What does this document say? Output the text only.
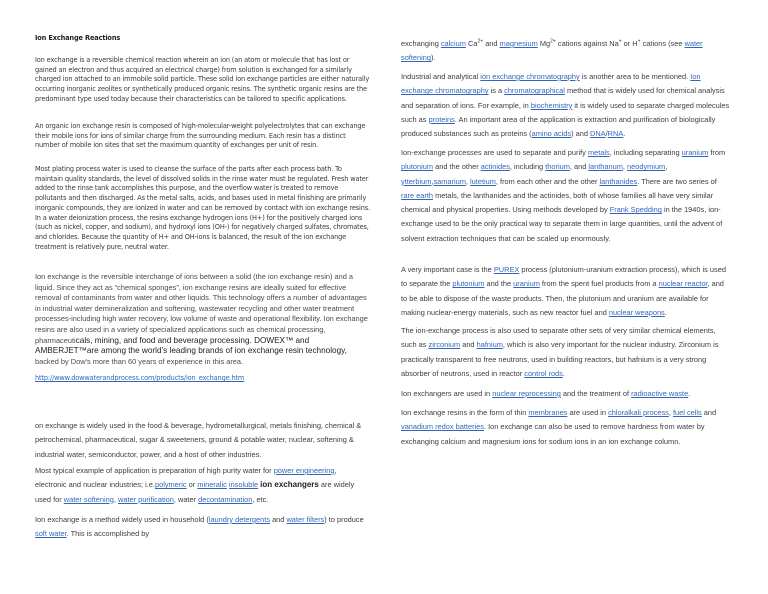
Ion Exchange Reactions

Ion exchange is a reversible chemical reaction wherein an ion (an atom or molecule that has lost or gained an electron and thus acquired an electrical charge) from solution is exchanged for a similarly charged ion attached to an immobile solid particle. These solid ion exchange particles are either naturally occurring inorganic zeolites or synthetically produced organic resins. The synthetic organic resins are the predominant type used today because their characteristics can be tailored to specific applications.

An organic ion exchange resin is composed of high-molecular-weight polyelectrolytes that can exchange their mobile ions for ions of similar charge from the surrounding medium. Each resin has a distinct number of mobile ion sites that set the maximum quantity of exchanges per unit of resin.

Most plating process water is used to cleanse the surface of the parts after each process bath. To maintain quality standards, the level of dissolved solids in the rinse water must be regulated. Fresh water added to the rinse tank accomplishes this purpose, and the overflow water is treated to remove pollutants and then discharged. As the metal salts, acids, and bases used in metal finishing are primarily inorganic compounds, they are ionized in water and can be removed by contact with ion exchange resins. In a water deionization process, the resins exchange hydrogen ions (H+) for the positively charged ions (such as nickel, copper, and sodium), and hydroxyl ions (OH-) for negatively charged sulfates, chromates, and chlorides. Because the quantity of H+ and OH-ions is balanced, the result of the ion exchange treatment is relatively pure, neutral water.

Ion exchange is the reversible interchange of ions between a solid (the ion exchange resin) and a liquid. Since they act as “chemical sponges”, ion exchange resins are ideally suited for effective removal of contaminants from water and other liquids. This technology offers a number of advantages in industrial water demineralization and softening, wastewater recycling and other water treatment processes-including high water recovery, low volume of waste and operational flexibility. Ion exchange resins are also used in a variety of specialized applications such as chemical processing, pharmaceuticals, mining, and food and beverage processing. DOWEX™ and AMBERJET™are among the world’s leading brands of ion exchange resin technology, backed by Dow's more than 60 years of experience in this area.

http://www.dowwaterandprocess.com/products/ion_exchange.htm

on exchange is widely used in the food & beverage, hydrometallurgical, metals finishing, chemical & petrochemical, pharmaceutical, sugar & sweeteners, ground & potable water, nuclear, softening & industrial water, semiconductor, power, and a host of other industries.

Most typical example of application is preparation of high purity water for power engineering, electronic and nuclear industries; i.e.polymeric or mineralic insoluble ion exchangers are widely used for water softening, water purification, water decontamination, etc.

Ion exchange is a method widely used in household (laundry detergents and water filters) to produce soft water. This is accomplished by

exchanging calcium $Ca^{2+}$ and magnesium $Mg^{2+}$ cations against Na+ or H+ cations (see water softening).

Industrial and analytical ion exchange chromatography is another area to be mentioned. Ion exchange chromatography is a chromatographical method that is widely used for chemical analysis and separation of ions. For example, in biochemistry it is widely used to separate charged molecules such as proteins. An important area of the application is extraction and purification of biologically produced substances such as proteins (amino acids) and DNA/RNA.

Ion-exchange processes are used to separate and purify metals, including separating uranium from plutonium and the other actinides, including thorium, and lanthanum, neodymium, ytterbium,samarium, lutetium, from each other and the other lanthanides. There are two series of rare earth metals, the lanthanides and the actinides, both of whose families all have very similar chemical and physical properties. Using methods developed by Frank Spedding in the 1940s, ion-exchange used to be the only practical way to separate them in large quantities, until the advent of solvent extraction techniques that can be scaled up enormously.

A very important case is the PUREX process (plutonium-uranium extraction process), which is used to separate the plutonium and the uranium from the spent fuel products from a nuclear reactor, and to be able to dispose of the waste products. Then, the plutonium and uranium are available for making nuclear-energy materials, such as new reactor fuel and nuclear weapons.

The ion-exchange process is also used to separate other sets of very similar chemical elements, such as zirconium and hafnium, which is also very important for the nuclear industry. Zirconium is practically transparent to free neutrons, used in building reactors, but hafnium is a very strong absorber of neutrons, used in reactor control rods.

Ion exchangers are used in nuclear reprocessing and the treatment of radioactive waste.

Ion exchange resins in the form of thin membranes are used in chloralkali process, fuel cells and vanadium redox batteries. Ion exchange can also be used to remove hardness from water by exchanging calcium and magnesium ions for sodium ions in an ion exchange column.
